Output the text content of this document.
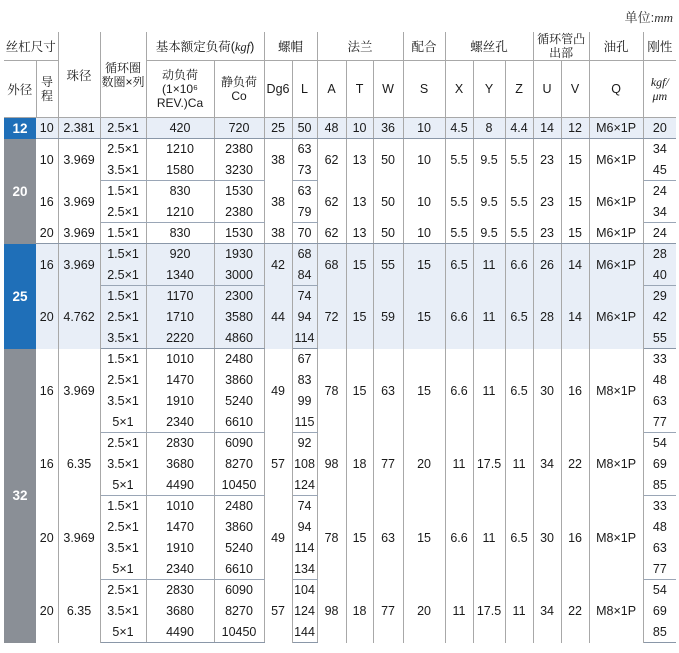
单位:mm
丝杠尺寸		珠径	循环圈数圈×列	基本额定负荷(kgf)		螺帽		法兰			配合	螺丝孔			循环管凸出部		油孔	刚性
外径	导程			动负荷(1×10⁶ REV.)Ca	静负荷Co	Dg6	L	A	T	W	S	X	Y	Z	U	V	Q	kgf/μm
12	10	2.381	2.5×1	420	720	25	50	48	10	36	10	4.5	8	4.4	14	12	M6×1P	20
20	10	3.969	2.5×1	1210	2380	38	63	62	13	50	10	5.5	9.5	5.5	23	15	M6×1P	34
			3.5×1	1580	3230		73											45
	16	3.969	1.5×1	830	1530	38	63	62	13	50	10	5.5	9.5	5.5	23	15	M6×1P	24
			2.5×1	1210	2380		79											34
	20	3.969	1.5×1	830	1530	38	70	62	13	50	10	5.5	9.5	5.5	23	15	M6×1P	24
25	16	3.969	1.5×1	920	1930	42	68	68	15	55	15	6.5	11	6.6	26	14	M6×1P	28
			2.5×1	1340	3000		84											40
	20	4.762	1.5×1	1170	2300	44	74	72	15	59	15	6.6	11	6.5	28	14	M6×1P	29
			2.5×1	1710	3580		94											42
			3.5×1	2220	4860		114											55
32	16	3.969	1.5×1	1010	2480	49	67	78	15	63	15	6.6	11	6.5	30	16	M8×1P	33
			2.5×1	1470	3860		83											48
			3.5×1	1910	5240		99											63
			5×1	2340	6610		115											77
	16	6.35	2.5×1	2830	6090	57	92	98	18	77	20	11	17.5	11	34	22	M8×1P	54
			3.5×1	3680	8270		108											69
			5×1	4490	10450		124											85
	20	3.969	1.5×1	1010	2480	49	74	78	15	63	15	6.6	11	6.5	30	16	M8×1P	33
			2.5×1	1470	3860		94											48
			3.5×1	1910	5240		114											63
			5×1	2340	6610		134											77
	20	6.35	2.5×1	2830	6090	57	104	98	18	77	20	11	17.5	11	34	22	M8×1P	54
			3.5×1	3680	8270		124											69
			5×1	4490	10450		144											85
